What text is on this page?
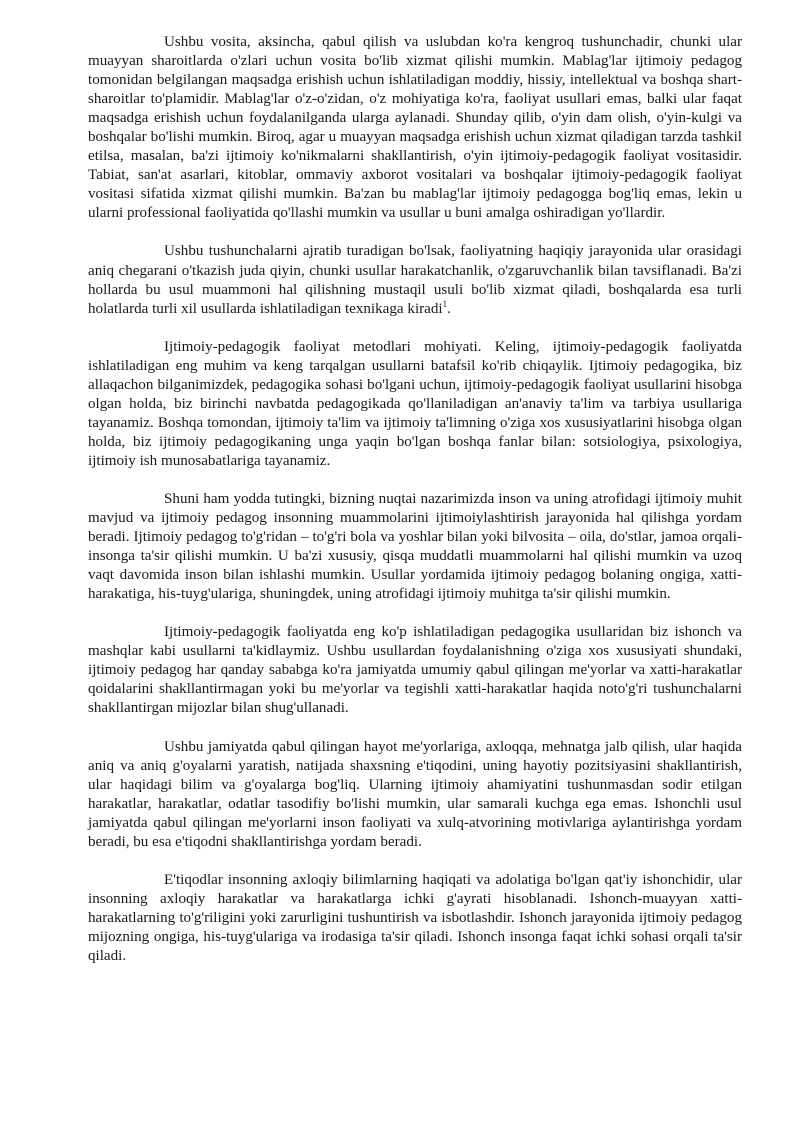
Ushbu vosita, aksincha, qabul qilish va uslubdan ko'ra kengroq tushunchadir, chunki ular muayyan sharoitlarda o'zlari uchun vosita bo'lib xizmat qilishi mumkin. Mablag'lar ijtimoiy pedagog tomonidan belgilangan maqsadga erishish uchun ishlatiladigan moddiy, hissiy, intellektual va boshqa shart-sharoitlar to'plamidir. Mablag'lar o'z-o'zidan, o'z mohiyatiga ko'ra, faoliyat usullari emas, balki ular faqat maqsadga erishish uchun foydalanilganda ularga aylanadi. Shunday qilib, o'yin dam olish, o'yin-kulgi va boshqalar bo'lishi mumkin. Biroq, agar u muayyan maqsadga erishish uchun xizmat qiladigan tarzda tashkil etilsa, masalan, ba'zi ijtimoiy ko'nikmalarni shakllantirish, o'yin ijtimoiy-pedagogik faoliyat vositasidir. Tabiat, san'at asarlari, kitoblar, ommaviy axborot vositalari va boshqalar ijtimoiy-pedagogik faoliyat vositasi sifatida xizmat qilishi mumkin. Ba'zan bu mablag'lar ijtimoiy pedagogga bog'liq emas, lekin u ularni professional faoliyatida qo'llashi mumkin va usullar u buni amalga oshiradigan yo'llardir.

Ushbu tushunchalarni ajratib turadigan bo'lsak, faoliyatning haqiqiy jarayonida ular orasidagi aniq chegarani o'tkazish juda qiyin, chunki usullar harakatchanlik, o'zgaruvchanlik bilan tavsiflanadi. Ba'zi hollarda bu usul muammoni hal qilishning mustaqil usuli bo'lib xizmat qiladi, boshqalarda esa turli holatlarda turli xil usullarda ishlatiladigan texnikaga kiradi$^1$.

Ijtimoiy-pedagogik faoliyat metodlari mohiyati. Keling, ijtimoiy-pedagogik faoliyatda ishlatiladigan eng muhim va keng tarqalgan usullarni batafsil ko'rib chiqaylik. Ijtimoiy pedagogika, biz allaqachon bilganimizdek, pedagogika sohasi bo'lgani uchun, ijtimoiy-pedagogik faoliyat usullarini hisobga olgan holda, biz birinchi navbatda pedagogikada qo'llaniladigan an'anaviy ta'lim va tarbiya usullariga tayanamiz. Boshqa tomondan, ijtimoiy ta'lim va ijtimoiy ta'limning o'ziga xos xususiyatlarini hisobga olgan holda, biz ijtimoiy pedagogikaning unga yaqin bo'lgan boshqa fanlar bilan: sotsiologiya, psixologiya, ijtimoiy ish munosabatlariga tayanamiz.

Shuni ham yodda tutingki, bizning nuqtai nazarimizda inson va uning atrofidagi ijtimoiy muhit mavjud va ijtimoiy pedagog insonning muammolarini ijtimoiylashtirish jarayonida hal qilishga yordam beradi. Ijtimoiy pedagog to'g'ridan – to'g'ri bola va yoshlar bilan yoki bilvosita – oila, do'stlar, jamoa orqali-insonga ta'sir qilishi mumkin. U ba'zi xususiy, qisqa muddatli muammolarni hal qilishi mumkin va uzoq vaqt davomida inson bilan ishlashi mumkin. Usullar yordamida ijtimoiy pedagog bolaning ongiga, xatti-harakatiga, his-tuyg'ulariga, shuningdek, uning atrofidagi ijtimoiy muhitga ta'sir qilishi mumkin.

Ijtimoiy-pedagogik faoliyatda eng ko'p ishlatiladigan pedagogika usullaridan biz ishonch va mashqlar kabi usullarni ta'kidlaymiz. Ushbu usullardan foydalanishning o'ziga xos xususiyati shundaki, ijtimoiy pedagog har qanday sababga ko'ra jamiyatda umumiy qabul qilingan me'yorlar va xatti-harakatlar qoidalarini shakllantirmagan yoki bu me'yorlar va tegishli xatti-harakatlar haqida noto'g'ri tushunchalarni shakllantirgan mijozlar bilan shug'ullanadi.

Ushbu jamiyatda qabul qilingan hayot me'yorlariga, axloqqa, mehnatga jalb qilish, ular haqida aniq va aniq g'oyalarni yaratish, natijada shaxsning e'tiqodini, uning hayotiy pozitsiyasini shakllantirish, ular haqidagi bilim va g'oyalarga bog'liq. Ularning ijtimoiy ahamiyatini tushunmasdan sodir etilgan harakatlar, harakatlar, odatlar tasodifiy bo'lishi mumkin, ular samarali kuchga ega emas. Ishonchli usul jamiyatda qabul qilingan me'yorlarni inson faoliyati va xulq-atvorining motivlariga aylantirishga yordam beradi, bu esa e'tiqodni shakllantirishga yordam beradi.

E'tiqodlar insonning axloqiy bilimlarning haqiqati va adolatiga bo'lgan qat'iy ishonchidir, ular insonning axloqiy harakatlar va harakatlarga ichki g'ayrati hisoblanadi. Ishonch-muayyan xatti-harakatlarning to'g'riligini yoki zarurligini tushuntirish va isbotlashdir. Ishonch jarayonida ijtimoiy pedagog mijozning ongiga, his-tuyg'ulariga va irodasiga ta'sir qiladi. Ishonch insonga faqat ichki sohasi orqali ta'sir qiladi.
